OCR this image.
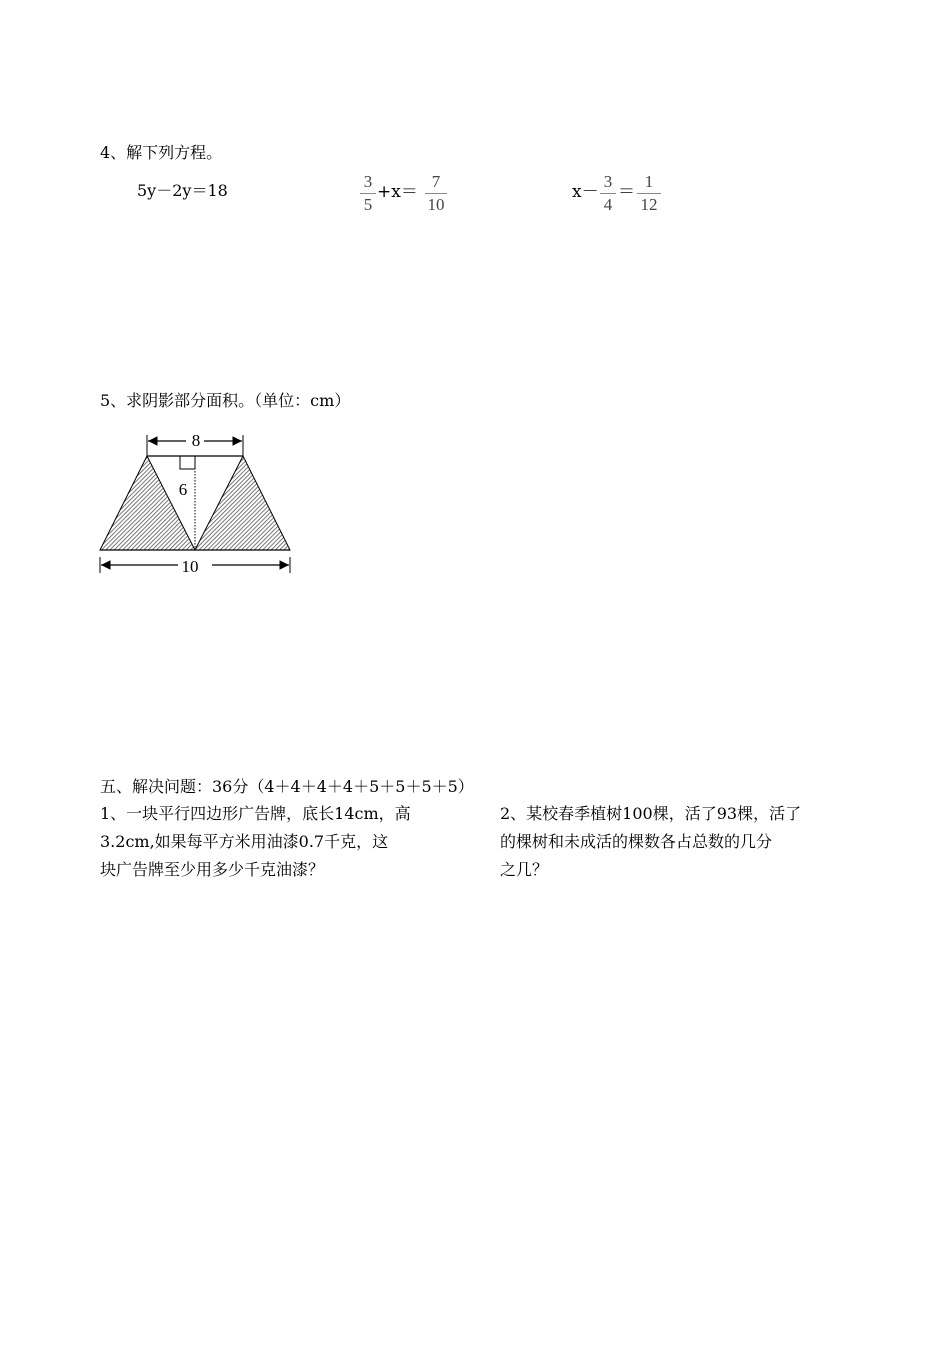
4、解下列方程。
5y－2y＝18	3
5
+x＝
7
10
x－
3
4
＝
1
12
5、求阴影部分面积。（单位：cm）
8
6
10
五、解决问题：36分（4＋4＋4＋4＋5＋5＋5＋5）
1、一块平行四边形广告牌，底长14cm，高
3.2cm,如果每平方米用油漆0.7千克，这
块广告牌至少用多少千克油漆？
2、某校春季植树100棵，活了93棵，活了
的棵树和未成活的棵数各占总数的几分
之几？
